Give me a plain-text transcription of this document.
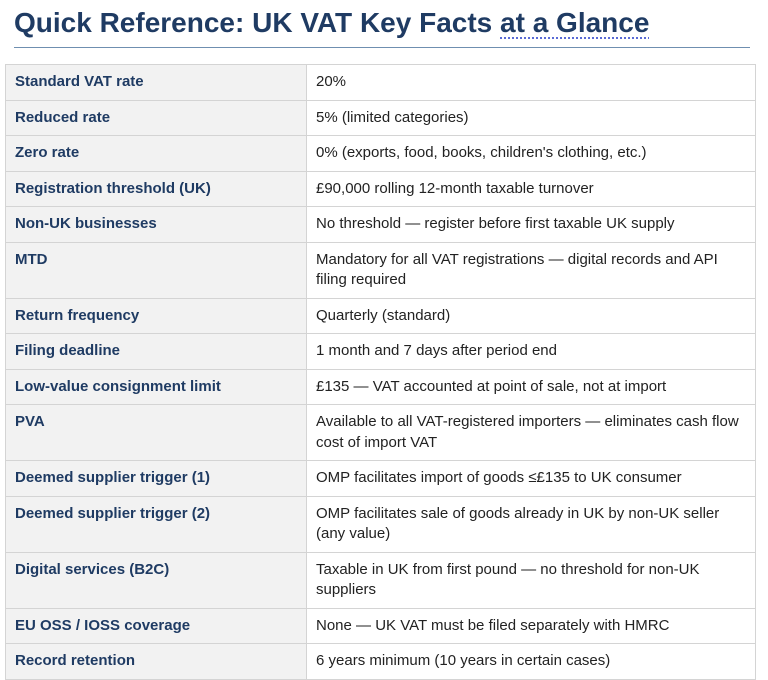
Quick Reference: UK VAT Key Facts at a Glance
Standard VAT rate	20%
Reduced rate	5% (limited categories)
Zero rate	0% (exports, food, books, children's clothing, etc.)
Registration threshold (UK)	£90,000 rolling 12-month taxable turnover
Non-UK businesses	No threshold — register before first taxable UK supply
MTD	Mandatory for all VAT registrations — digital records and API filing required
Return frequency	Quarterly (standard)
Filing deadline	1 month and 7 days after period end
Low-value consignment limit	£135 — VAT accounted at point of sale, not at import
PVA	Available to all VAT-registered importers — eliminates cash flow cost of import VAT
Deemed supplier trigger (1)	OMP facilitates import of goods ≤£135 to UK consumer
Deemed supplier trigger (2)	OMP facilitates sale of goods already in UK by non-UK seller (any value)
Digital services (B2C)	Taxable in UK from first pound — no threshold for non-UK suppliers
EU OSS / IOSS coverage	None — UK VAT must be filed separately with HMRC
Record retention	6 years minimum (10 years in certain cases)
